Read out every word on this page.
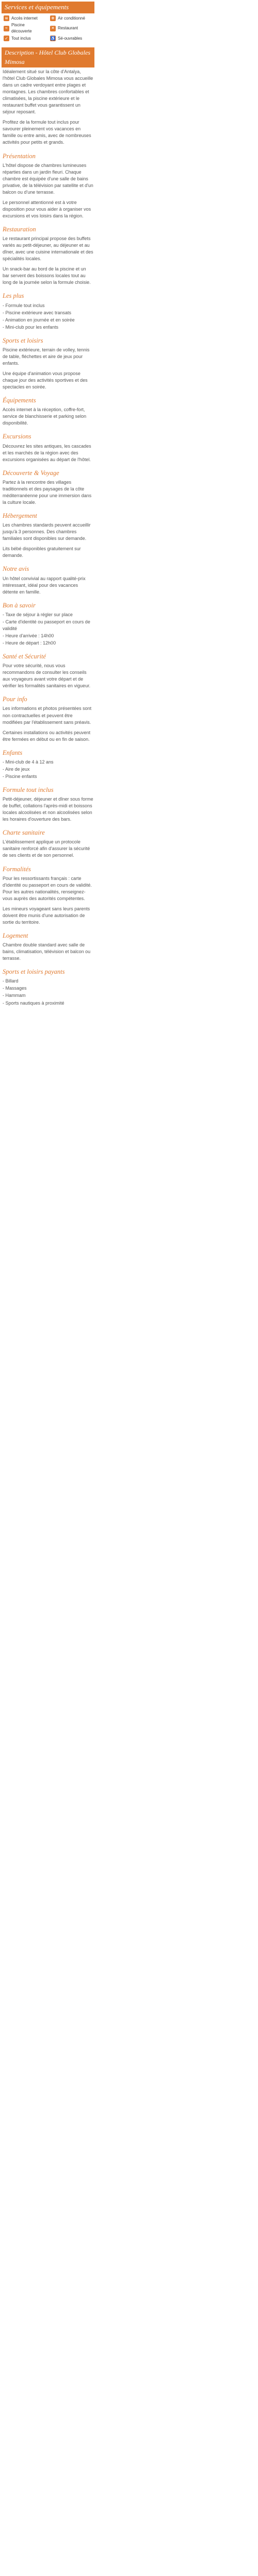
Services et équipements
≋ Accès internet	❄ Air conditionné
≈
Piscine découverte
✕ Restaurant
✓ Tout inclus	♿ Sé-ouvrables
Description - Hôtel Club Globales Mimosa
Idéalement situé sur la côte d'Antalya, l'hôtel Club Globales Mimosa vous accueille dans un cadre verdoyant entre plages et montagnes. Les chambres confortables et climatisées, la piscine extérieure et le restaurant buffet vous garantissent un séjour reposant.
Profitez de la formule tout inclus pour savourer pleinement vos vacances en famille ou entre amis, avec de nombreuses activités pour petits et grands.
Présentation
L'hôtel dispose de chambres lumineuses réparties dans un jardin fleuri. Chaque chambre est équipée d'une salle de bains privative, de la télévision par satellite et d'un balcon ou d'une terrasse.
Le personnel attentionné est à votre disposition pour vous aider à organiser vos excursions et vos loisirs dans la région.
Restauration
Le restaurant principal propose des buffets variés au petit-déjeuner, au déjeuner et au dîner, avec une cuisine internationale et des spécialités locales.
Un snack-bar au bord de la piscine et un bar servent des boissons locales tout au long de la journée selon la formule choisie.
Les plus
- Formule tout inclus
- Piscine extérieure avec transats
- Animation en journée et en soirée
- Mini-club pour les enfants
Sports et loisirs
Piscine extérieure, terrain de volley, tennis de table, fléchettes et aire de jeux pour enfants.
Une équipe d'animation vous propose chaque jour des activités sportives et des spectacles en soirée.
Équipements
Accès internet à la réception, coffre-fort, service de blanchisserie et parking selon disponibilité.
Excursions
Découvrez les sites antiques, les cascades et les marchés de la région avec des excursions organisées au départ de l'hôtel.
Découverte & Voyage
Partez à la rencontre des villages traditionnels et des paysages de la côte méditerranéenne pour une immersion dans la culture locale.
Hébergement
Les chambres standards peuvent accueillir jusqu'à 3 personnes. Des chambres familiales sont disponibles sur demande.
Lits bébé disponibles gratuitement sur demande.
Notre avis
Un hôtel convivial au rapport qualité-prix intéressant, idéal pour des vacances détente en famille.
Bon à savoir
- Taxe de séjour à régler sur place
- Carte d'identité ou passeport en cours de validité
- Heure d'arrivée : 14h00
- Heure de départ : 12h00
Santé et Sécurité
Pour votre sécurité, nous vous recommandons de consulter les conseils aux voyageurs avant votre départ et de vérifier les formalités sanitaires en vigueur.
Pour info
Les informations et photos présentées sont non contractuelles et peuvent être modifiées par l'établissement sans préavis.
Certaines installations ou activités peuvent être fermées en début ou en fin de saison.
Enfants
- Mini-club de 4 à 12 ans
- Aire de jeux
- Piscine enfants
Formule tout inclus
Petit-déjeuner, déjeuner et dîner sous forme de buffet, collations l'après-midi et boissons locales alcoolisées et non alcoolisées selon les horaires d'ouverture des bars.
Charte sanitaire
L'établissement applique un protocole sanitaire renforcé afin d'assurer la sécurité de ses clients et de son personnel.
Formalités
Pour les ressortissants français : carte d'identité ou passeport en cours de validité. Pour les autres nationalités, renseignez-vous auprès des autorités compétentes.
Les mineurs voyageant sans leurs parents doivent être munis d'une autorisation de sortie du territoire.
Logement
Chambre double standard avec salle de bains, climatisation, télévision et balcon ou terrasse.
Sports et loisirs payants
- Billard
- Massages
- Hammam
- Sports nautiques à proximité
